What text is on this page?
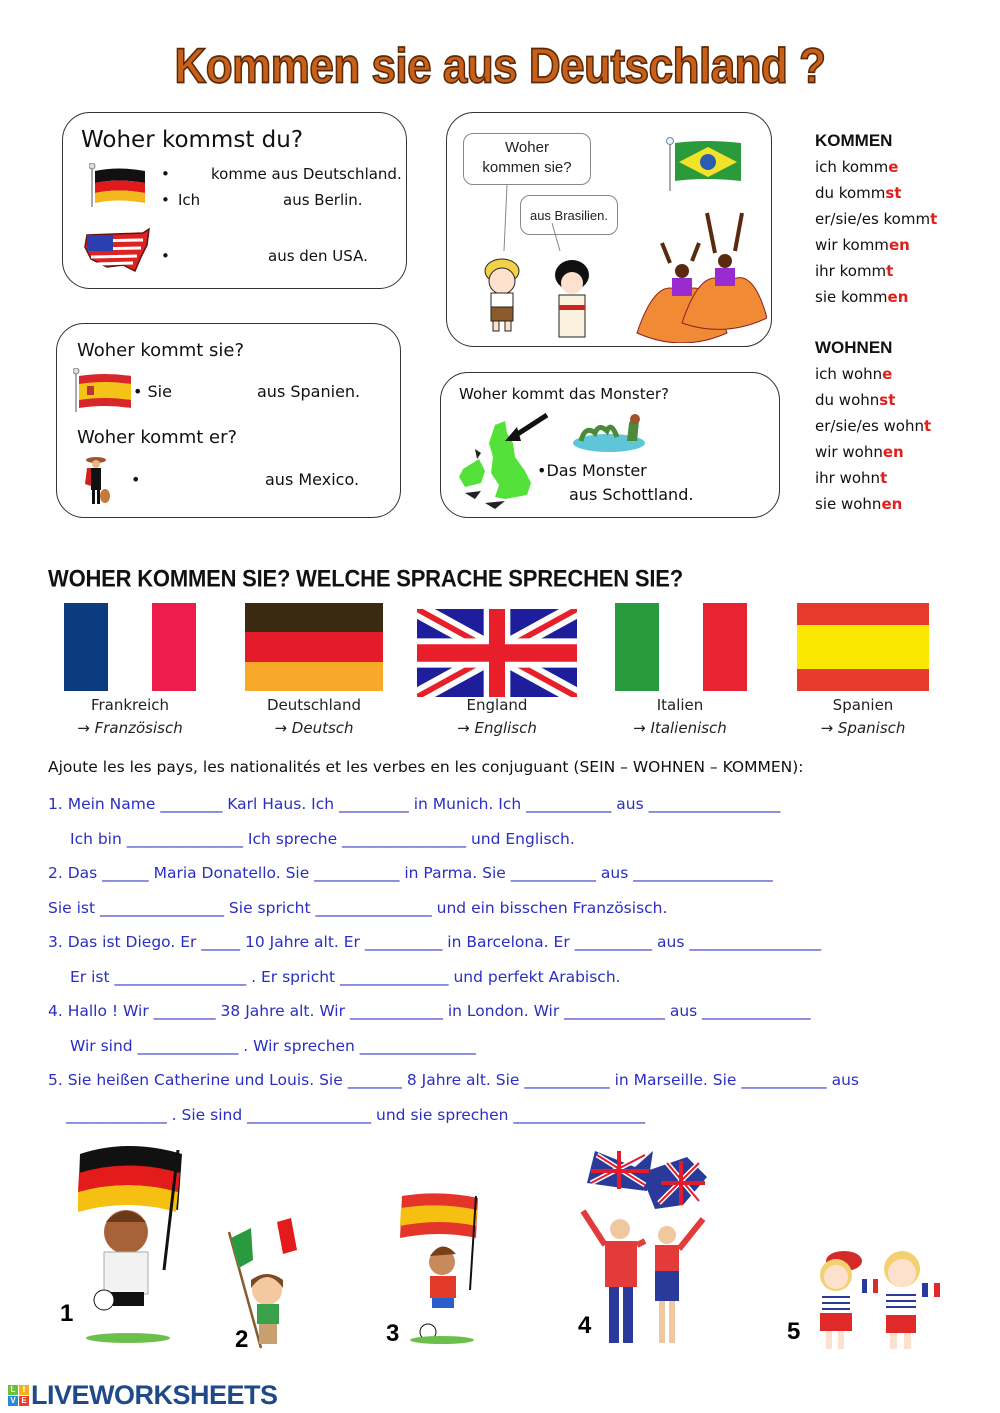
Kommen sie aus Deutschland ?
Woher kommst du?
•	komme aus Deutschland.
• Ich	aus Berlin.
•	aus den USA.
Woher
kommen sie?
aus Brasilien.
KOMMEN
ich komme
du kommst
er/sie/es kommt
wir kommen
ihr kommt
sie kommen
WOHNEN
ich wohne
du wohnst
er/sie/es wohnt
wir wohnen
ihr wohnt
sie wohnen
Woher kommt sie?
• Sie	aus Spanien.
Woher kommt er?
•	aus Mexico.
Woher kommt das Monster?
•Das Monster
aus Schottland.
WOHER KOMMEN SIE? WELCHE SPRACHE SPRECHEN SIE?
Frankreich
→ Französisch
Deutschland
→ Deutsch
England
→ Englisch
Italien
→ Italienisch
Spanien
→ Spanisch
Ajoute les les pays, les nationalités et les verbes en les conjuguant (SEIN – WOHNEN – KOMMEN):
1. Mein Name ________ Karl Haus. Ich _________ in Munich. Ich ___________ aus _________________
Ich bin _______________ Ich spreche ________________ und Englisch.
2. Das ______ Maria Donatello. Sie ___________ in Parma. Sie ___________ aus __________________
Sie ist ________________ Sie spricht _______________ und ein bisschen Französisch.
3. Das ist Diego. Er _____ 10 Jahre alt. Er __________ in Barcelona. Er __________ aus _________________
Er ist _________________ . Er spricht ______________ und perfekt Arabisch.
4. Hallo ! Wir ________ 38 Jahre alt. Wir ____________ in London. Wir _____________ aus ______________
Wir sind _____________ . Wir sprechen _______________
5. Sie heißen Catherine und Louis. Sie _______ 8 Jahre alt. Sie ___________ in Marseille. Sie ___________ aus
_____________ . Sie sind ________________ und sie sprechen _________________
1
2	3	4	5
L I
V E LIVEWORKSHEETS
